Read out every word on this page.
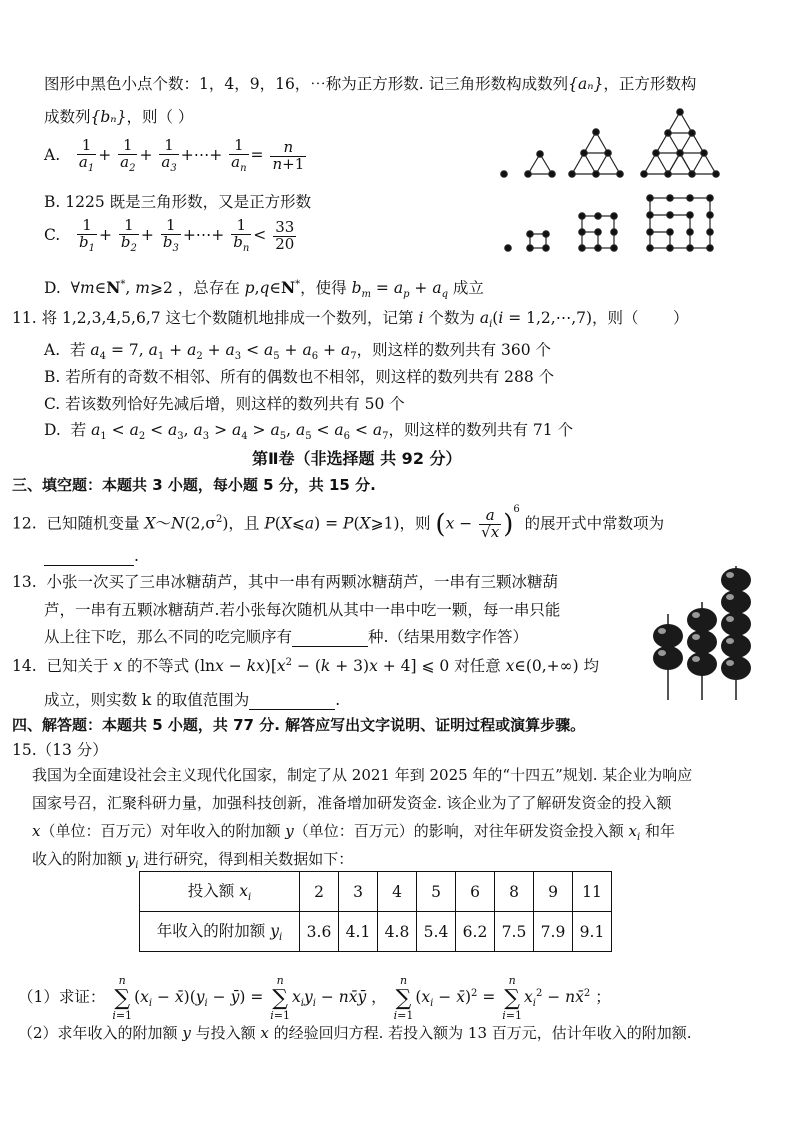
图形中黑色小点个数：1，4，9，16，⋯称为正方形数. 记三角形数构成数列{aₙ}，正方形数构
成数列{bₙ}，则（ ）
A. $\frac{1}{a_1} + \frac{1}{a_2} + \frac{1}{a_3}$ +⋯+ $\frac{1}{a_n} = \frac{n}{n+1}$
B. 1225 既是三角形数，又是正方形数
C. $\frac{1}{b_1} + \frac{1}{b_2} + \frac{1}{b_3}$ +⋯+ $\frac{1}{b_n} < \frac{33}{20}$
D.  ∀m∈N*, m⩾2 ，总存在 p,q∈N*，使得 $b_m = a_p + a_q$ 成立
11. 将 1,2,3,4,5,6,7 这七个数随机地排成一个数列，记第 i 个数为 $a_i(i$ = 1,2,⋯,7)，则（       ）
A.  若 $a_4 = 7$, $a_1 + a_2 + a_3 < a_5 + a_6 + a_7$，则这样的数列共有 360 个
B. 若所有的奇数不相邻、所有的偶数也不相邻，则这样的数列共有 288 个
C. 若该数列恰好先减后增，则这样的数列共有 50 个
D.  若 $a_1 < a_2 < a_3$, $a_3 > a_4 > a_5$, $a_5 < a_6 < a_7$，则这样的数列共有 71 个
第Ⅱ卷（非选择题 共 92 分）
三、填空题：本题共 3 小题，每小题 5 分，共 15 分.
12.  已知随机变量 $X\sim N(2,\sigma^2)$，且 P(X⩽a) = P(X⩾1)，则 $(x - \frac{a}{√x} )^6$ 的展开式中常数项为
.
13. 小张一次买了三串冰糖葫芦，其中一串有两颗冰糖葫芦，一串有三颗冰糖葫
芦，一串有五颗冰糖葫芦.若小张每次随机从其中一串中吃一颗，每一串只能
从上往下吃，那么不同的吃完顺序有	种.（结果用数字作答）
14.  已知关于 x 的不等式 $(\ln x - kx)[x^2 - (k + 3)x + 4]$ ⩽ 0 对任意 x∈(0,+∞) 均
成立，则实数 k 的取值范围为	.
四、解答题：本题共 5 小题，共 77 分. 解答应写出文字说明、证明过程或演算步骤。
15.（13 分）
我国为全面建设社会主义现代化国家，制定了从 2021 年到 2025 年的“十四五”规划. 某企业为响应
国家号召，汇聚科研力量，加强科技创新，准备增加研发资金. 该企业为了了解研发资金的投入额
x（单位：百万元）对年收入的附加额 y（单位：百万元）的影响，对往年研发资金投入额 $x_i$ 和年
收入的附加额 $y_i$ 进行研究，得到相关数据如下：
投入额 $x_i$	2	3	4	5	6	8	9	11
年收入的附加额 $y_i$	3.6	4.1	4.8	5.4	6.2	7.5	7.9	9.1
（1）求证：
n
∑
i=1
($x_i$ − $x̄)(y_i$ − ȳ) =
n
∑
i=1
$x_iy_i$ − nx̄ȳ ，
n
∑
i=1
($x_i$ − x̄)$^2$ =
n
∑
i=1
$x_i^2$ − nx̄$^2$ ；
（2）求年收入的附加额 y 与投入额 x 的经验回归方程. 若投入额为 13 百万元，估计年收入的附加额.
